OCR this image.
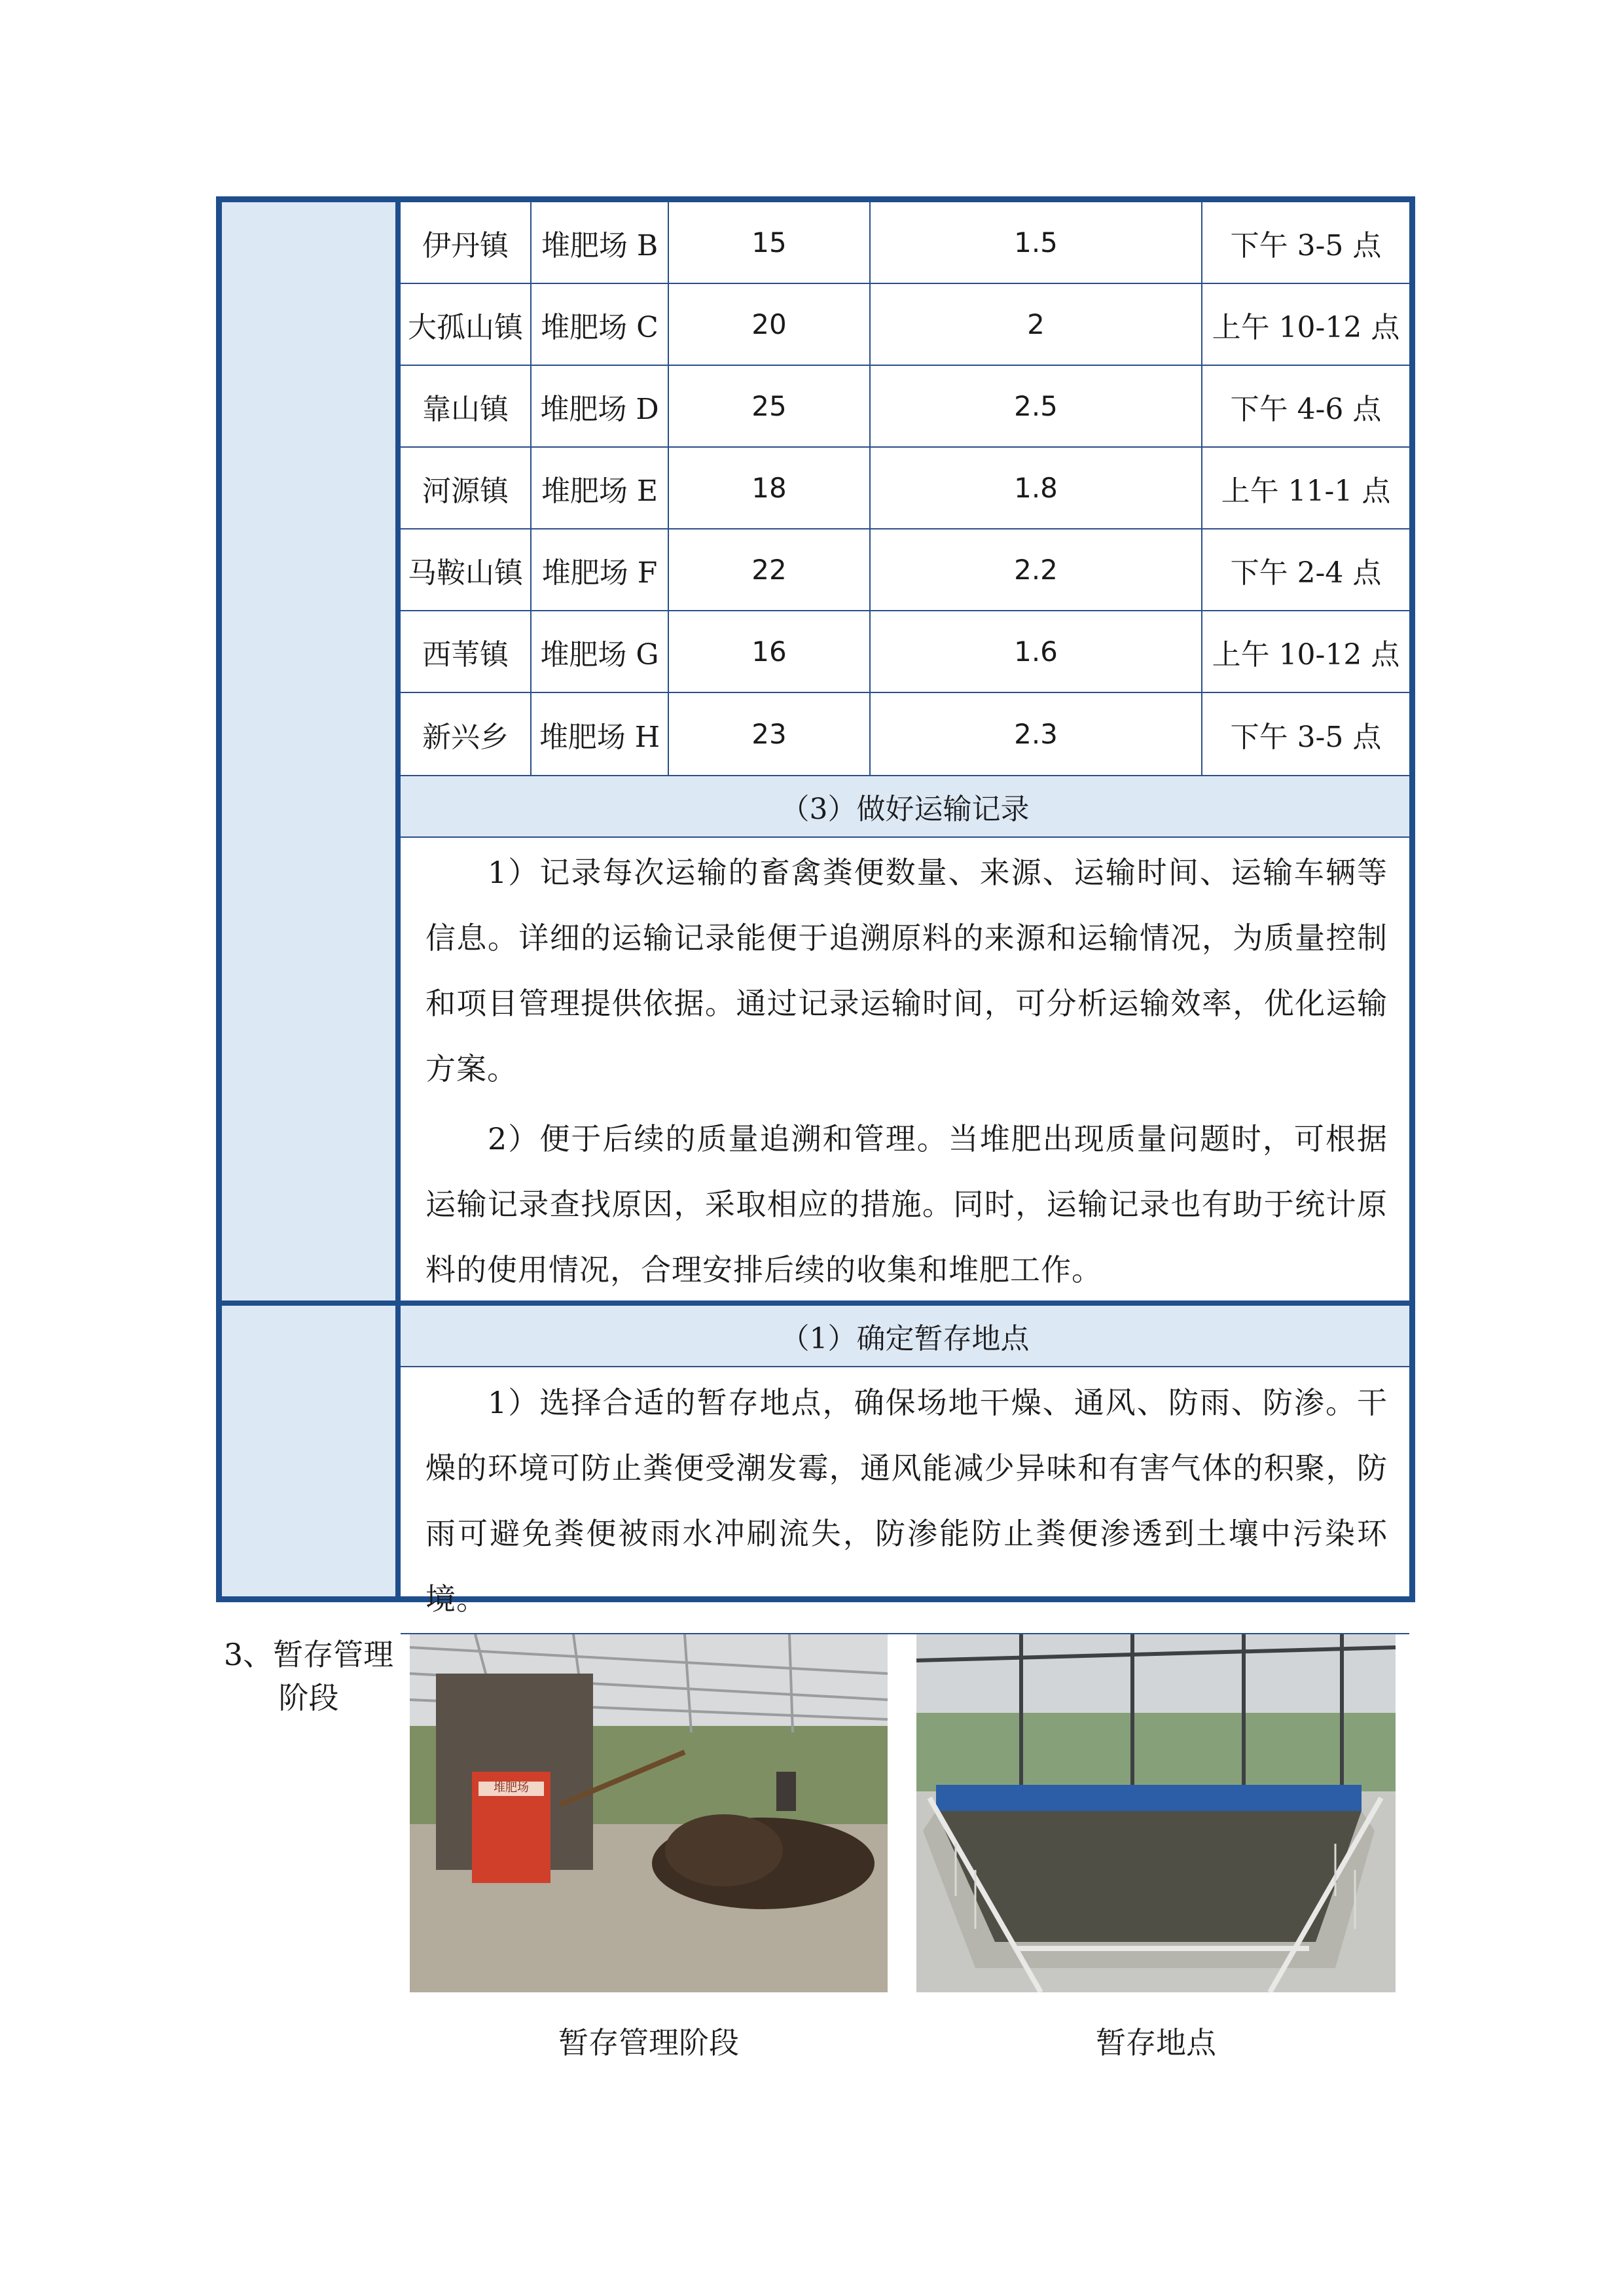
伊丹镇	堆肥场 B	15	1.5	下午 3-5 点
大孤山镇 堆肥场 C	20	2	上午 10-12 点
靠山镇	堆肥场 D	25	2.5	下午 4-6 点
河源镇	堆肥场 E	18	1.8	上午 11-1 点
马鞍山镇 堆肥场 F	22	2.2	下午 2-4 点
西苇镇	堆肥场 G	16	1.6	上午 10-12 点
新兴乡	堆肥场 H	23	2.3	下午 3-5 点
（3）做好运输记录
1）记录每次运输的畜禽粪便数量、来源、运输时间、运输车辆等信息。详细的运输记录能便于追溯原料的来源和运输情况，为质量控制和项目管理提供依据。通过记录运输时间，可分析运输效率，优化运输方案。
2）便于后续的质量追溯和管理。当堆肥出现质量问题时，可根据运输记录查找原因，采取相应的措施。同时，运输记录也有助于统计原料的使用情况，合理安排后续的收集和堆肥工作。
3、暂存管理阶段
（1）确定暂存地点
1）选择合适的暂存地点，确保场地干燥、通风、防雨、防渗。干燥的环境可防止粪便受潮发霉，通风能减少异味和有害气体的积聚，防雨可避免粪便被雨水冲刷流失，防渗能防止粪便渗透到土壤中污染环境。
堆肥场
暂存管理阶段	暂存地点
